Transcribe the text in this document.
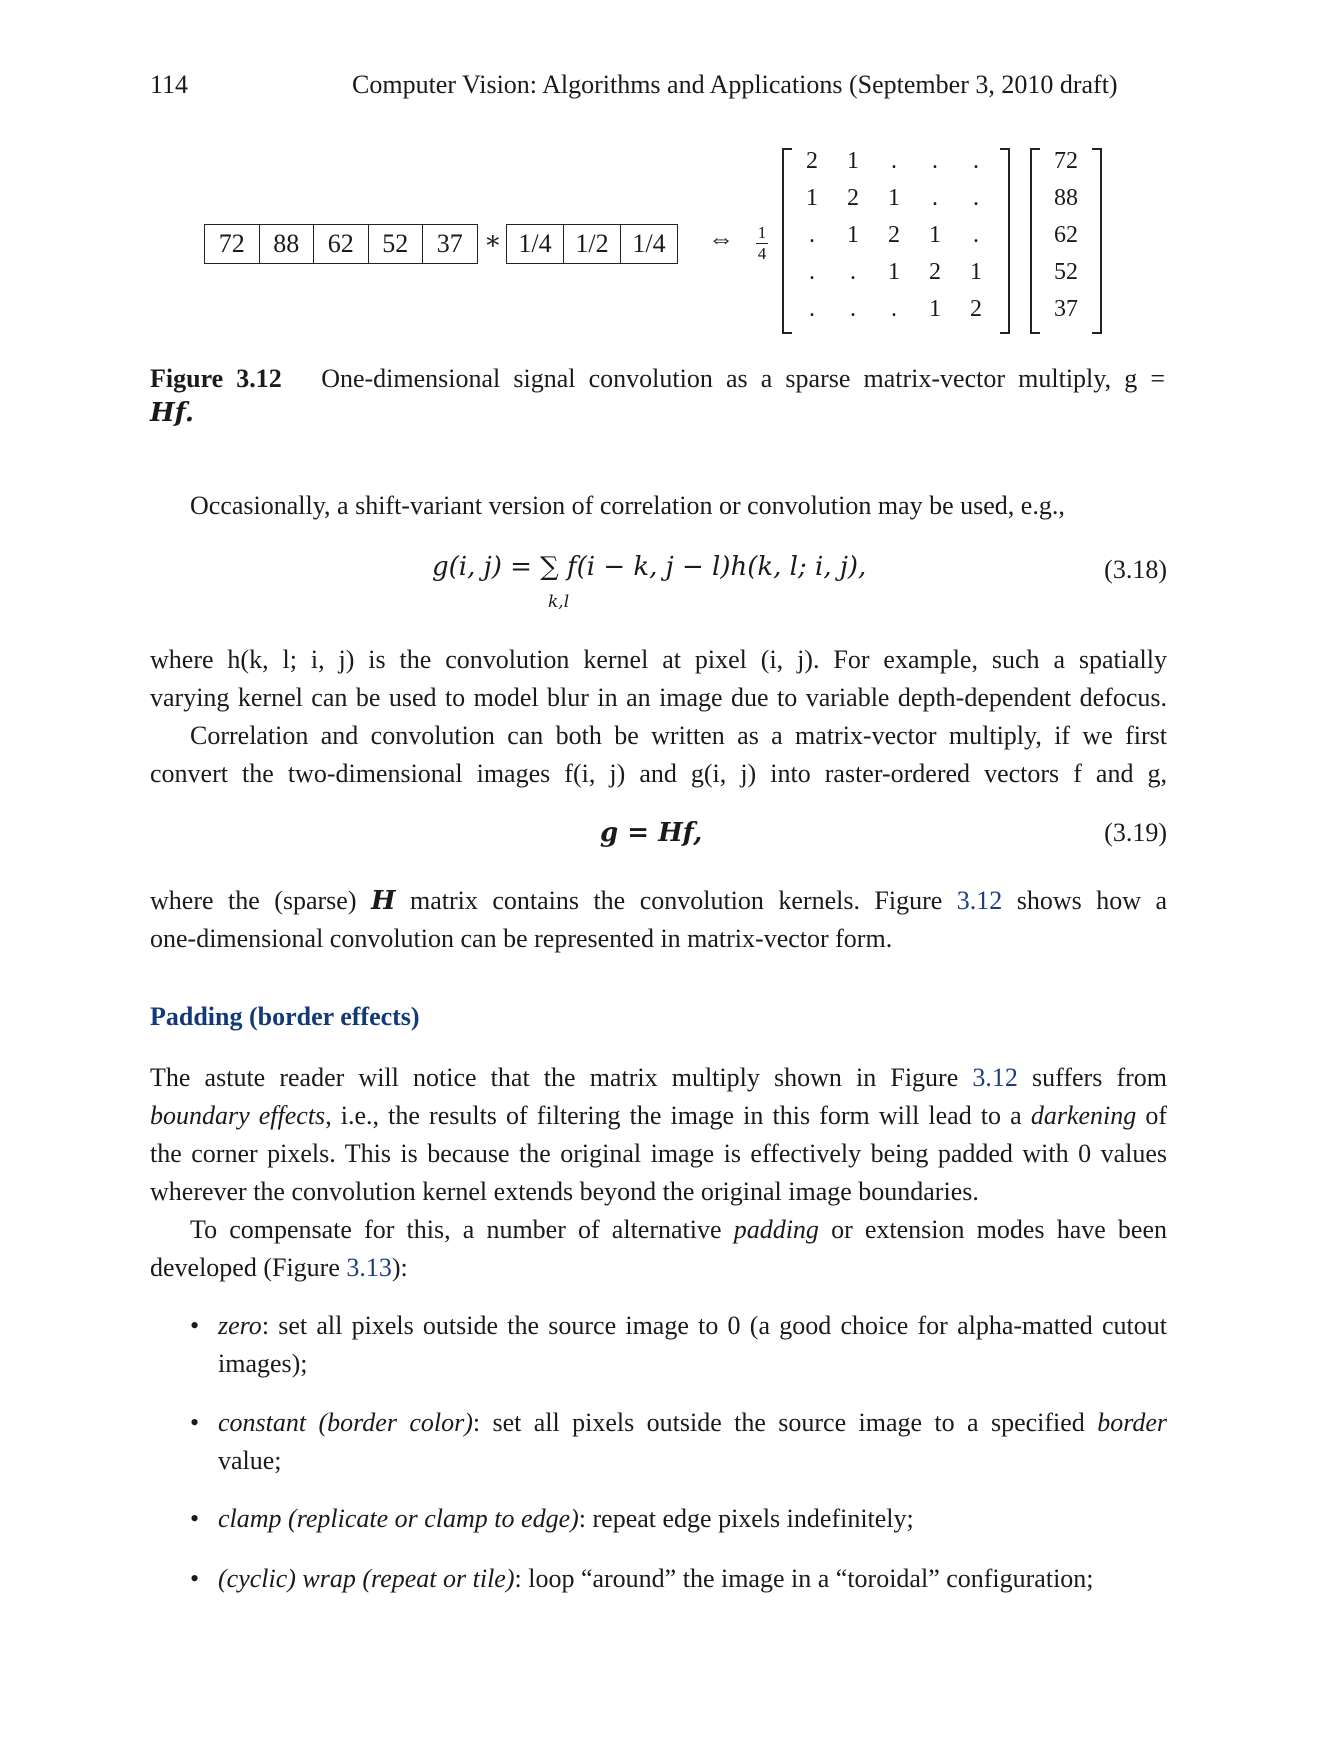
114	Computer Vision: Algorithms and Applications (September 3, 2010 draft)
72	88	62	52	37 ∗ 1/4 1/2 1/4	⇔ 1
4
2	1	.	.	.
1	2	1	.	.
.	1	2	1	.
.	.	1	2	1
.	.	.	1	2
72
88
62
52
37
Figure 3.12 One-dimensional signal convolution as a sparse matrix-vector multiply, g =
Hf.
Occasionally, a shift-variant version of correlation or convolution may be used, e.g.,
g(i, j) = ∑ f(i − k, j − l)h(k, l; i, j),
k,l
(3.18)
where h(k, l; i, j) is the convolution kernel at pixel (i, j). For example, such a spatially
varying kernel can be used to model blur in an image due to variable depth-dependent defocus.
Correlation and convolution can both be written as a matrix-vector multiply, if we first
convert the two-dimensional images f(i, j) and g(i, j) into raster-ordered vectors f and g,
g = Hf,	(3.19)
where the (sparse) H matrix contains the convolution kernels. Figure 3.12 shows how a
one-dimensional convolution can be represented in matrix-vector form.
Padding (border effects)
The astute reader will notice that the matrix multiply shown in Figure 3.12 suffers from
boundary effects, i.e., the results of filtering the image in this form will lead to a darkening of
the corner pixels. This is because the original image is effectively being padded with 0 values
wherever the convolution kernel extends beyond the original image boundaries.
To compensate for this, a number of alternative padding or extension modes have been
developed (Figure 3.13):
• zero: set all pixels outside the source image to 0 (a good choice for alpha-matted cutout
images);
• constant (border color): set all pixels outside the source image to a specified border
value;
• clamp (replicate or clamp to edge): repeat edge pixels indefinitely;
• (cyclic) wrap (repeat or tile): loop “around” the image in a “toroidal” configuration;
